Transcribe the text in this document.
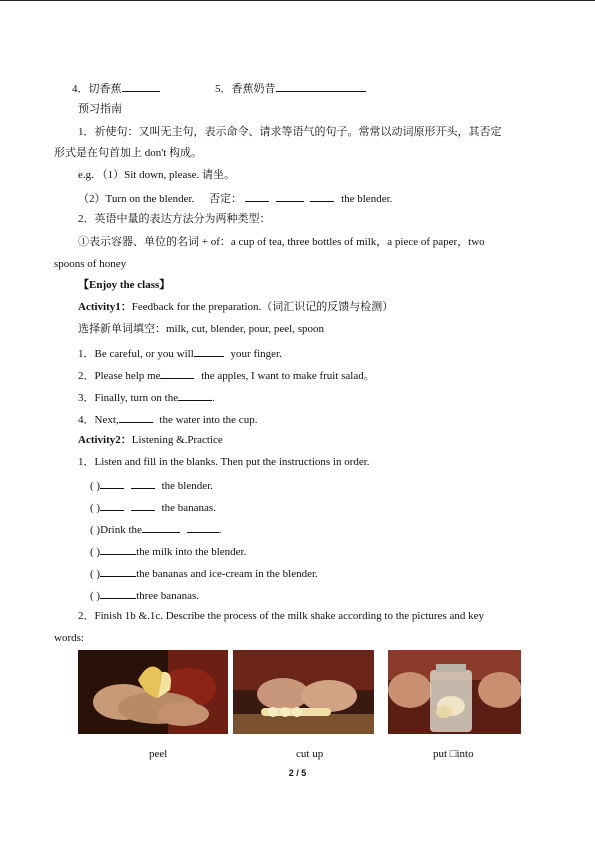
4．切香蕉	5．香蕉奶昔
预习指南
1．祈使句：又叫无主句，表示命令、请求等语气的句子。常常以动词原形开头，其否定
形式是在句首加上 don't 构成。
e.g. （1）Sit down, please. 请坐。
（2）Turn on the blender. 否定：	the blender.
2．英语中量的表达方法分为两种类型：
①表示容器、单位的名词 + of：a cup of tea, three bottles of milk，a piece of paper，two
spoons of honey
【Enjoy the class】
Activity1：Feedback for the preparation.（词汇识记的反馈与检测）
选择新单词填空：milk, cut, blender, pour, peel, spoon
1．Be careful, or you will	your finger.
2．Please help me	the apples, I want to make fruit salad。
3．Finally, turn on the	.
4．Next,	the water into the cup.
Activity2：Listening &.Practice
1．Listen and fill in the blanks. Then put the instructions in order.
( )	the blender.
( )	the bananas.
( )Drink the	.
( )	the milk into the blender.
( )	the bananas and ice-cream in the blender.
( )	three bananas.
2．Finish 1b &.1c. Describe the process of the milk shake according to the pictures and key
words:
peel	cut up	put □into
2 / 5
